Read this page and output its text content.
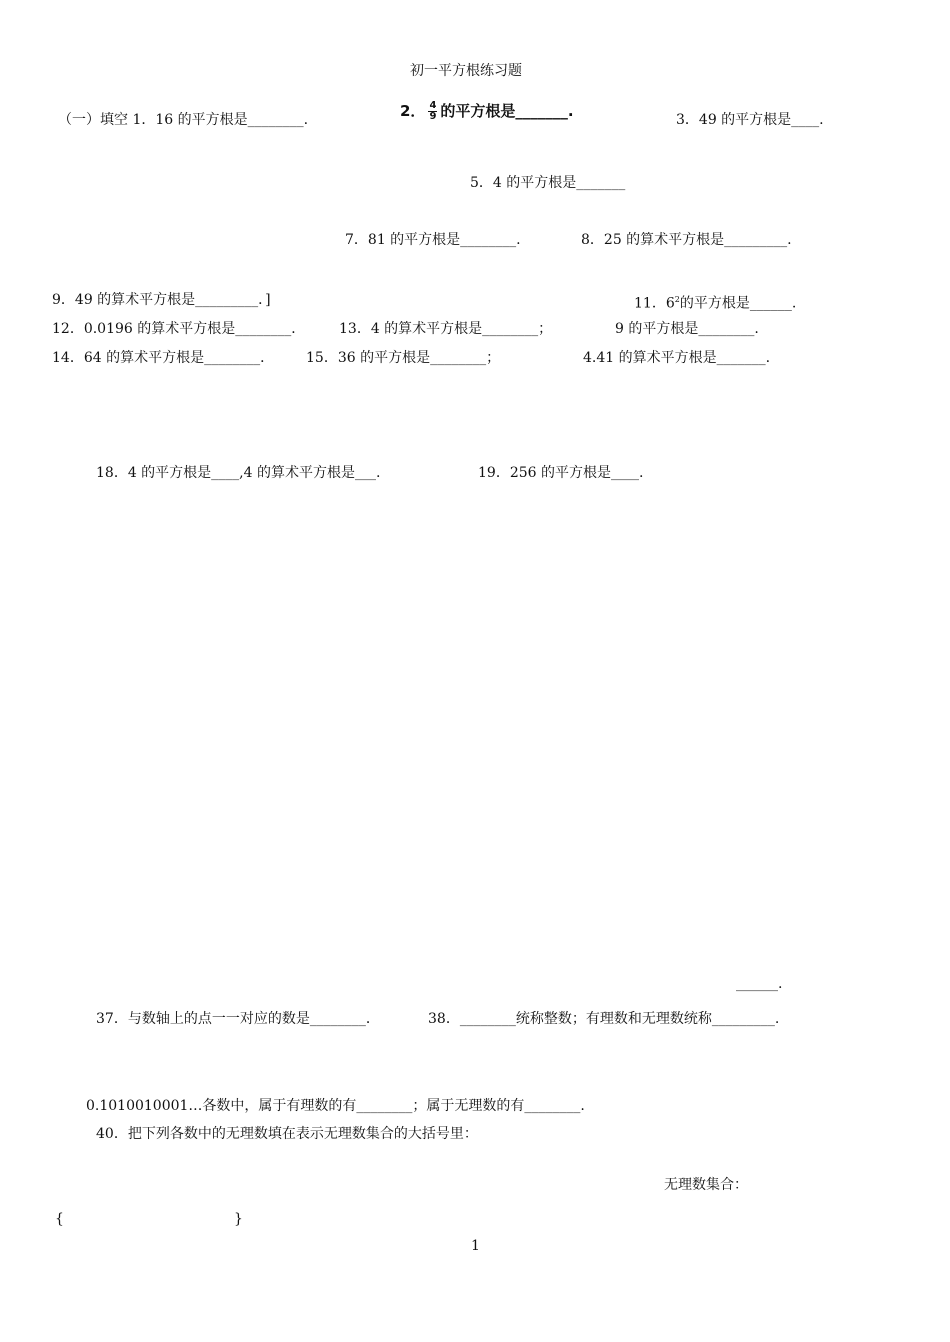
初一平方根练习题
（一）填空 1．16 的平方根是________.	2． $\frac{4}{9}$ 的平方根是_______.	3．49 的平方根是____.
5．4 的平方根是_______
7．81 的平方根是________.	8．25 的算术平方根是_________.
9．49 的算术平方根是_________．]	11．$6^2$的平方根是______.
12．0.0196 的算术平方根是________． 13．4 的算术平方根是________；	9 的平方根是________.
14．64 的算术平方根是________． 15．36 的平方根是________；	4.41 的算术平方根是_______.
18．4 的平方根是____,4 的算术平方根是___.	19．256 的平方根是____.
______.
37．与数轴上的点一一对应的数是________．	38．________统称整数；有理数和无理数统称_________.
0.1010010001…各数中，属于有理数的有________；属于无理数的有________.
40．把下列各数中的无理数填在表示无理数集合的大括号里：
无理数集合：
{	}
1
